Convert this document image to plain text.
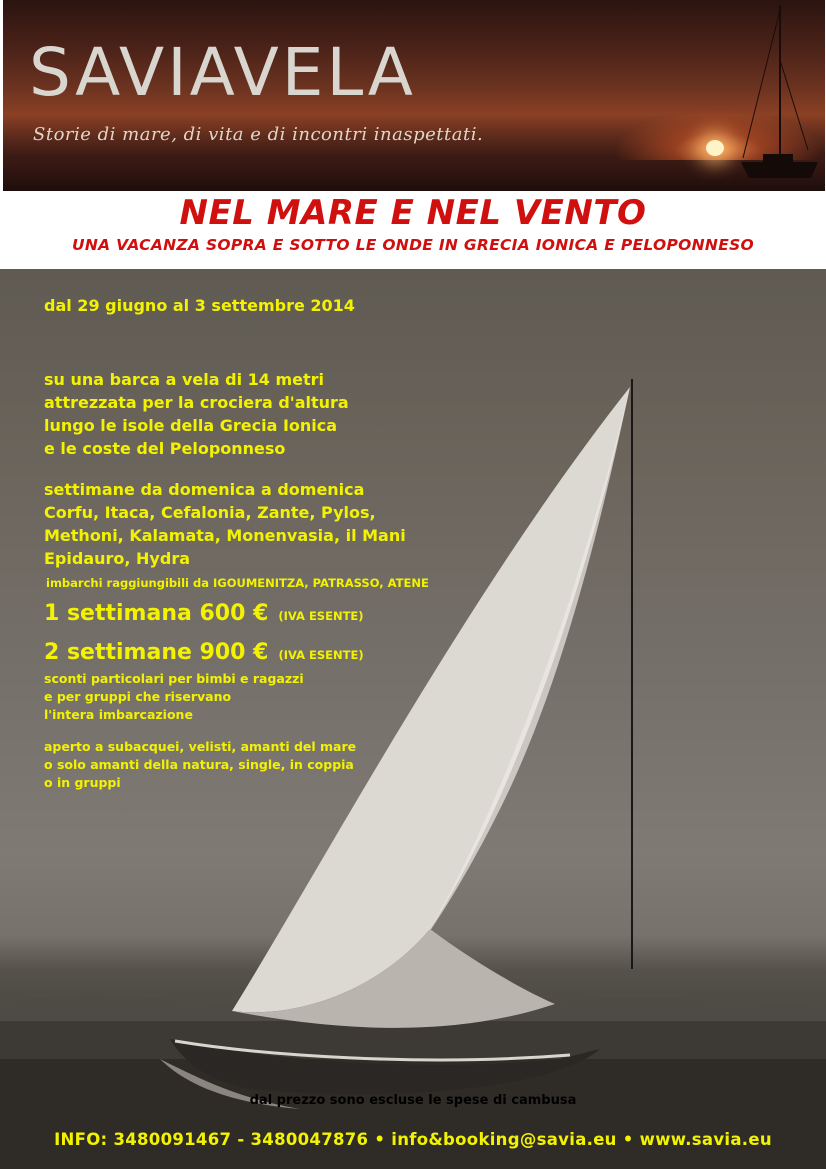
SAVIAVELA
Storie di mare, di vita e di incontri inaspettati.
NEL MARE E NEL VENTO
UNA VACANZA SOPRA E SOTTO LE ONDE IN GRECIA IONICA E PELOPONNESO
dal 29 giugno al 3 settembre 2014
su una barca a vela di 14 metri
attrezzata per la crociera d'altura
lungo le isole della Grecia Ionica
e le coste del Peloponneso
settimane da domenica a domenica
Corfu, Itaca, Cefalonia, Zante, Pylos,
Methoni, Kalamata, Monenvasia, il Mani
Epidauro, Hydra
imbarchi raggiungibili da IGOUMENITZA, PATRASSO, ATENE
1 settimana 600 € (IVA ESENTE)
2 settimane 900 € (IVA ESENTE)
sconti particolari per bimbi e ragazzi
e per gruppi che riservano
l'intera imbarcazione
aperto a subacquei, velisti, amanti del mare
o solo amanti della natura, single, in coppia
o in gruppi
dal prezzo sono escluse le spese di cambusa
INFO: 3480091467 - 3480047876 • info&booking@savia.eu • www.savia.eu
